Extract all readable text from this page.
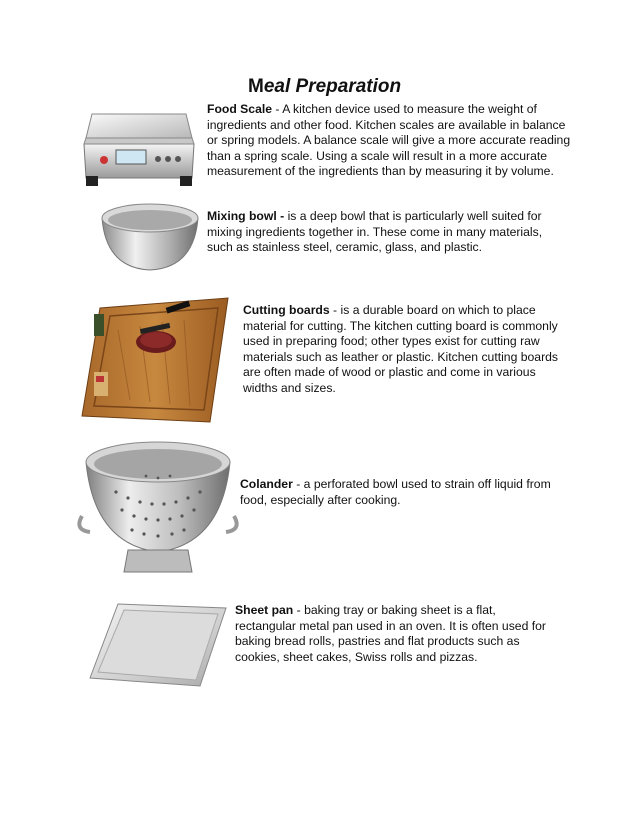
Meal Preparation
Food Scale - A kitchen device used to measure the weight of ingredients and other food. Kitchen scales are available in balance or spring models. A balance scale will give a more accurate reading than a spring scale. Using a scale will result in a more accurate measurement of the ingredients than by measuring it by volume.
Mixing bowl - is a deep bowl that is particularly well suited for mixing ingredients together in. These come in many materials, such as stainless steel, ceramic, glass, and plastic.
Cutting boards - is a durable board on which to place material for cutting. The kitchen cutting board is commonly used in preparing food; other types exist for cutting raw materials such as leather or plastic. Kitchen cutting boards are often made of wood or plastic and come in various widths and sizes.
Colander - a perforated bowl used to strain off liquid from food, especially after cooking.
Sheet pan - baking tray or baking sheet is a flat, rectangular metal pan used in an oven. It is often used for baking bread rolls, pastries and flat products such as cookies, sheet cakes, Swiss rolls and pizzas.
